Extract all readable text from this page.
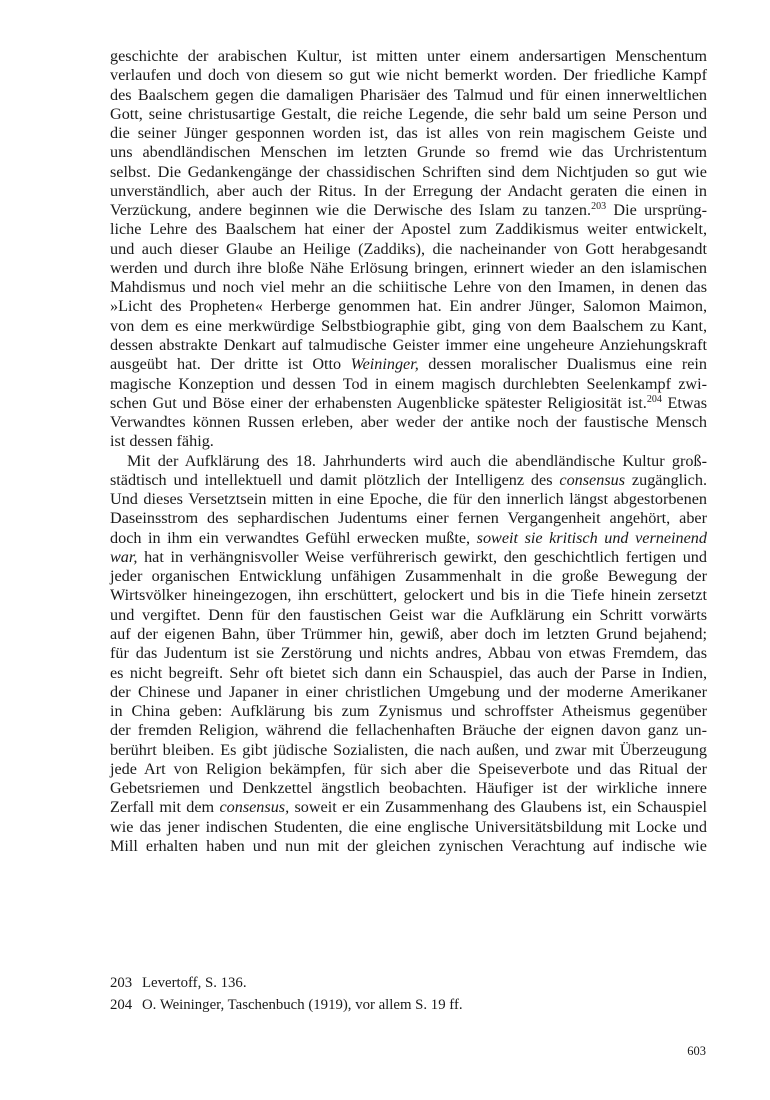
geschichte der arabischen Kultur, ist mitten unter einem andersartigen Menschentum
verlaufen und doch von diesem so gut wie nicht bemerkt worden. Der friedliche Kampf
des Baalschem gegen die damaligen Pharisäer des Talmud und für einen innerweltlichen
Gott, seine christusartige Gestalt, die reiche Legende, die sehr bald um seine Person und
die seiner Jünger gesponnen worden ist, das ist alles von rein magischem Geiste und
uns abendländischen Menschen im letzten Grunde so fremd wie das Urchristentum
selbst. Die Gedankengänge der chassidischen Schriften sind dem Nichtjuden so gut wie
unverständlich, aber auch der Ritus. In der Erregung der Andacht geraten die einen in
Verzückung, andere beginnen wie die Derwische des Islam zu tanzen.$^{203}$ Die ursprüng-
liche Lehre des Baalschem hat einer der Apostel zum Zaddikismus weiter entwickelt,
und auch dieser Glaube an Heilige (Zaddiks), die nacheinander von Gott herabgesandt
werden und durch ihre bloße Nähe Erlösung bringen, erinnert wieder an den islamischen
Mahdismus und noch viel mehr an die schiitische Lehre von den Imamen, in denen das
»Licht des Propheten« Herberge genommen hat. Ein andrer Jünger, Salomon Maimon,
von dem es eine merkwürdige Selbstbiographie gibt, ging von dem Baalschem zu Kant,
dessen abstrakte Denkart auf talmudische Geister immer eine ungeheure Anziehungskraft
ausgeübt hat. Der dritte ist Otto Weininger, dessen moralischer Dualismus eine rein
magische Konzeption und dessen Tod in einem magisch durchlebten Seelenkampf zwi-
schen Gut und Böse einer der erhabensten Augenblicke spätester Religiosität ist.$^{204}$ Etwas
Verwandtes können Russen erleben, aber weder der antike noch der faustische Mensch
ist dessen fähig.
Mit der Aufklärung des 18. Jahrhunderts wird auch die abendländische Kultur groß-
städtisch und intellektuell und damit plötzlich der Intelligenz des consensus zugänglich.
Und dieses Versetztsein mitten in eine Epoche, die für den innerlich längst abgestorbenen
Daseinsstrom des sephardischen Judentums einer fernen Vergangenheit angehört, aber
doch in ihm ein verwandtes Gefühl erwecken mußte, soweit sie kritisch und verneinend
war, hat in verhängnisvoller Weise verführerisch gewirkt, den geschichtlich fertigen und
jeder organischen Entwicklung unfähigen Zusammenhalt in die große Bewegung der
Wirtsvölker hineingezogen, ihn erschüttert, gelockert und bis in die Tiefe hinein zersetzt
und vergiftet. Denn für den faustischen Geist war die Aufklärung ein Schritt vorwärts
auf der eigenen Bahn, über Trümmer hin, gewiß, aber doch im letzten Grund bejahend;
für das Judentum ist sie Zerstörung und nichts andres, Abbau von etwas Fremdem, das
es nicht begreift. Sehr oft bietet sich dann ein Schauspiel, das auch der Parse in Indien,
der Chinese und Japaner in einer christlichen Umgebung und der moderne Amerikaner
in China geben: Aufklärung bis zum Zynismus und schroffster Atheismus gegenüber
der fremden Religion, während die fellachenhaften Bräuche der eignen davon ganz un-
berührt bleiben. Es gibt jüdische Sozialisten, die nach außen, und zwar mit Überzeugung
jede Art von Religion bekämpfen, für sich aber die Speiseverbote und das Ritual der
Gebetsriemen und Denkzettel ängstlich beobachten. Häufiger ist der wirkliche innere
Zerfall mit dem consensus, soweit er ein Zusammenhang des Glaubens ist, ein Schauspiel
wie das jener indischen Studenten, die eine englische Universitätsbildung mit Locke und
Mill erhalten haben und nun mit der gleichen zynischen Verachtung auf indische wie
203 Levertoff, S. 136.
204 O. Weininger, Taschenbuch (1919), vor allem S. 19 ff.
603
